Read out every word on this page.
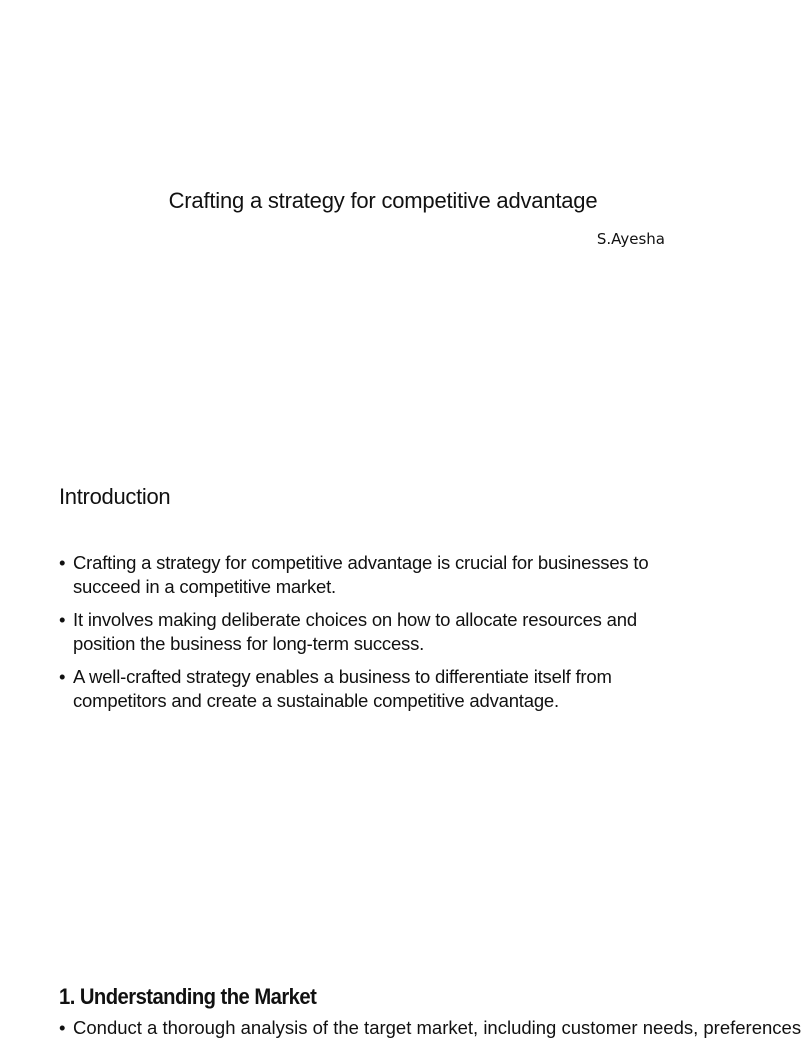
Crafting a strategy for competitive advantage
S.Ayesha
Introduction
• Crafting a strategy for competitive advantage is crucial for businesses to succeed in a competitive market.
• It involves making deliberate choices on how to allocate resources and position the business for long-term success.
• A well-crafted strategy enables a business to differentiate itself from competitors and create a sustainable competitive advantage.
1. Understanding the Market
• Conduct a thorough analysis of the target market, including customer needs, preferences
